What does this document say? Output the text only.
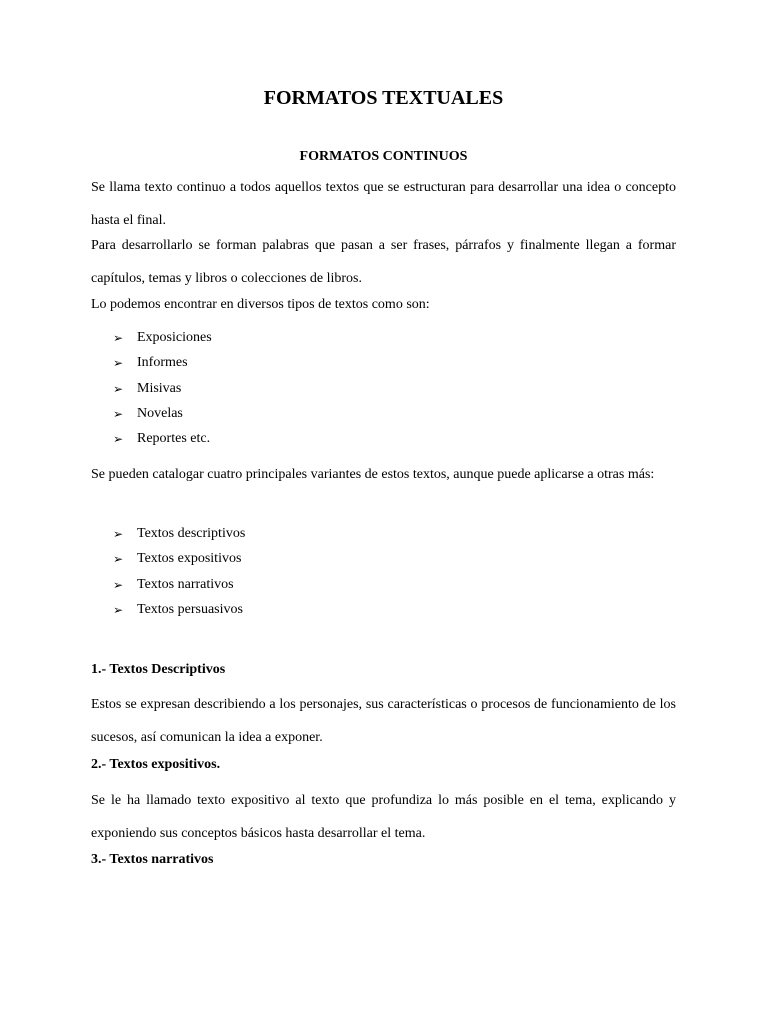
FORMATOS TEXTUALES
FORMATOS CONTINUOS

Se llama texto continuo a todos aquellos textos que se estructuran para desarrollar una idea o concepto hasta el final.

Para desarrollarlo se forman palabras que pasan a ser frases, párrafos y finalmente llegan a formar capítulos, temas y libros o colecciones de libros.

Lo podemos encontrar en diversos tipos de textos como son:

➢ Exposiciones
➢ Informes
➢ Misivas
➢ Novelas
➢ Reportes etc.

Se pueden catalogar cuatro principales variantes de estos textos, aunque puede aplicarse a otras más:

➢ Textos descriptivos
➢ Textos expositivos
➢ Textos narrativos
➢ Textos persuasivos
1.- Textos Descriptivos

Estos se expresan describiendo a los personajes, sus características o procesos de funcionamiento de los sucesos, así comunican la idea a exponer.

2.- Textos expositivos.

Se le ha llamado texto expositivo al texto que profundiza lo más posible en el tema, explicando y exponiendo sus conceptos básicos hasta desarrollar el tema.

3.- Textos narrativos
